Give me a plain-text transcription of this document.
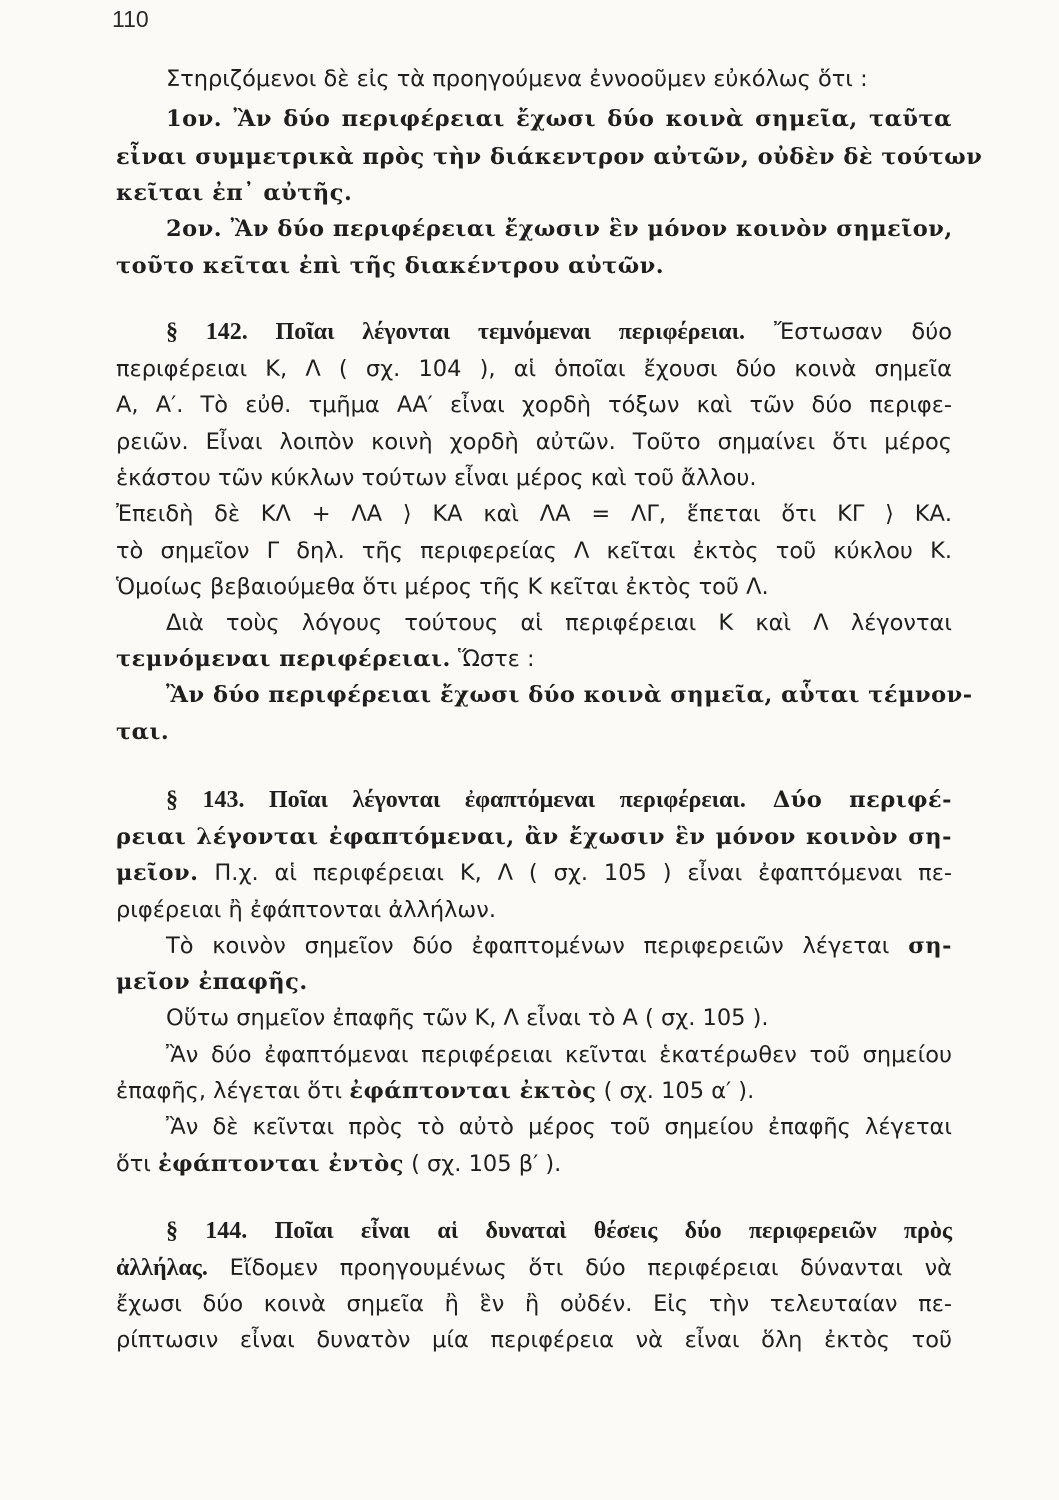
110
Στηριζόμενοι δὲ εἰς τὰ προηγούμενα ἐννοοῦμεν εὐκόλως ὅτι :
1ον. Ἂν δύο περιφέρειαι ἔχωσι δύο κοινὰ σημεῖα, ταῦτα
εἶναι συμμετρικὰ πρὸς τὴν διάκεντρον αὐτῶν, οὐδὲν δὲ τούτων
κεῖται ἐπ᾽ αὐτῆς.
2ον. Ἂν δύο περιφέρειαι ἔχωσιν ἓν μόνον κοινὸν σημεῖον,
τοῦτο κεῖται ἐπὶ τῆς διακέντρου αὐτῶν.
§ 142. Ποῖαι λέγονται τεμνόμεναι περιφέρειαι. Ἔστωσαν δύο
περιφέρειαι Κ, Λ ( σχ. 104 ), αἱ ὁποῖαι ἔχουσι δύο κοινὰ σημεῖα
Α, Α′. Τὸ εὐθ. τμῆμα ΑΑ′ εἶναι χορδὴ τόξων καὶ τῶν δύο περιφε-
ρειῶν. Εἶναι λοιπὸν κοινὴ χορδὴ αὐτῶν. Τοῦτο σημαίνει ὅτι μέρος
ἑκάστου τῶν κύκλων τούτων εἶναι μέρος καὶ τοῦ ἄλλου.
Ἐπειδὴ δὲ ΚΛ + ΛΑ ⟩ ΚΑ καὶ ΛΑ = ΛΓ, ἕπεται ὅτι ΚΓ ⟩ ΚΑ.
τὸ σημεῖον Γ δηλ. τῆς περιφερείας Λ κεῖται ἐκτὸς τοῦ κύκλου Κ.
Ὁμοίως βεβαιούμεθα ὅτι μέρος τῆς Κ κεῖται ἐκτὸς τοῦ Λ.
Διὰ τοὺς λόγους τούτους αἱ περιφέρειαι Κ καὶ Λ λέγονται
τεμνόμεναι περιφέρειαι. Ὥστε :
Ἂν δύο περιφέρειαι ἔχωσι δύο κοινὰ σημεῖα, αὗται τέμνον-
ται.
§ 143. Ποῖαι λέγονται ἐφαπτόμεναι περιφέρειαι. Δύο περιφέ-
ρειαι λέγονται ἐφαπτόμεναι, ἂν ἔχωσιν ἓν μόνον κοινὸν ση-
μεῖον. Π.χ. αἱ περιφέρειαι Κ, Λ ( σχ. 105 ) εἶναι ἐφαπτόμεναι πε-
ριφέρειαι ἢ ἐφάπτονται ἀλλήλων.
Τὸ κοινὸν σημεῖον δύο ἐφαπτομένων περιφερειῶν λέγεται ση-
μεῖον ἐπαφῆς.
Οὕτω σημεῖον ἐπαφῆς τῶν Κ, Λ εἶναι τὸ Α ( σχ. 105 ).
Ἂν δύο ἐφαπτόμεναι περιφέρειαι κεῖνται ἑκατέρωθεν τοῦ σημείου
ἐπαφῆς, λέγεται ὅτι ἐφάπτονται ἐκτὸς ( σχ. 105 α′ ).
Ἂν δὲ κεῖνται πρὸς τὸ αὐτὸ μέρος τοῦ σημείου ἐπαφῆς λέγεται
ὅτι ἐφάπτονται ἐντὸς ( σχ. 105 β′ ).
§ 144. Ποῖαι εἶναι αἱ δυναταὶ θέσεις δύο περιφερειῶν πρὸς
ἀλλήλας. Εἴδομεν προηγουμένως ὅτι δύο περιφέρειαι δύνανται νὰ
ἔχωσι δύο κοινὰ σημεῖα ἢ ἓν ἢ οὐδέν. Εἰς τὴν τελευταίαν πε-
ρίπτωσιν εἶναι δυνατὸν μία περιφέρεια νὰ εἶναι ὅλη ἐκτὸς τοῦ
